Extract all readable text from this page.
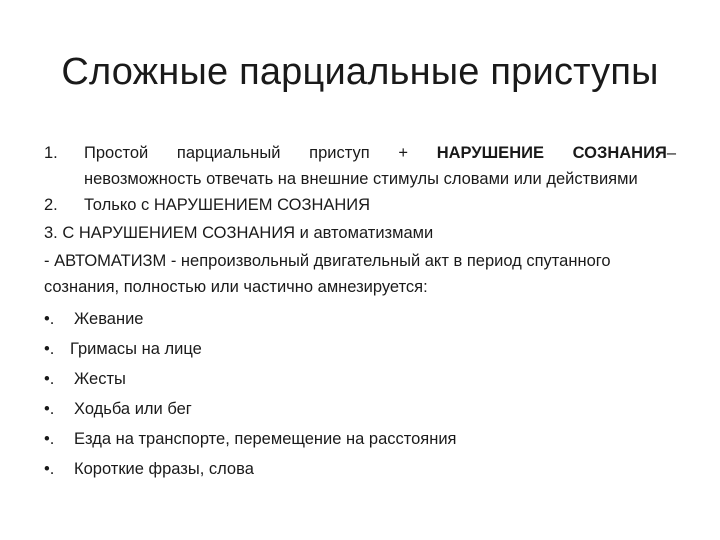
Сложные парциальные приступы
1. Простой парциальный приступ + НАРУШЕНИЕ СОЗНАНИЯ– невозможность отвечать на внешние стимулы словами или действиями
2. Только с НАРУШЕНИЕМ СОЗНАНИЯ
3. С НАРУШЕНИЕМ СОЗНАНИЯ и автоматизмами
- АВТОМАТИЗМ - непроизвольный двигательный акт в период спутанного сознания, полностью или частично амнезируется:
•. Жевание
•. Гримасы на лице
•. Жесты
•. Ходьба или бег
•. Езда на транспорте, перемещение на расстояния
•. Короткие фразы, слова
